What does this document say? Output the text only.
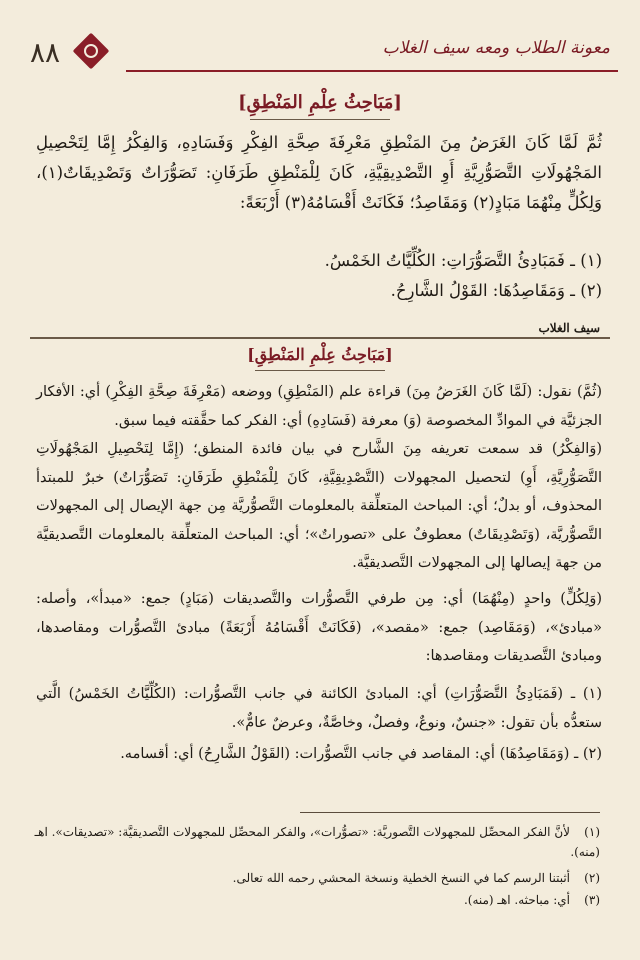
٨٨	معونة الطلاب ومعه سيف الغلاب
[مَبَاحِثُ عِلْمِ المَنْطِقِ]
ثُمَّ لَمَّا كَانَ الغَرَضُ مِنَ المَنْطِقِ مَعْرِفَةَ صِحَّةِ الفِكْرِ وَفَسَادِهِ، وَالفِكْرُ إِمَّا لِتَحْصِيلِ المَجْهُولَاتِ التَّصَوُّرِيَّةِ أَوِ التَّصْدِيقِيَّةِ، كَانَ لِلْمَنْطِقِ طَرَفَانِ: تَصَوُّرَاتٌ وَتَصْدِيقَاتٌ(١)، وَلِكُلٍّ مِنْهُمَا مَبَادٍ(٢) وَمَقَاصِدُ؛ فَكَانَتْ أَقْسَامُهُ(٣) أَرْبَعَةً:
(١) ـ فَمَبَادِئُ التَّصَوُّرَاتِ: الكُلِّيَّاتُ الخَمْسُ.
(٢) ـ وَمَقَاصِدُهَا: القَوْلُ الشَّارِحُ.
سيف الغلاب
[مَبَاحِثُ عِلْمِ المَنْطِقِ]
(ثُمَّ) نقول: (لَمَّا كَانَ الغَرَضُ مِنَ) قراءة علم (المَنْطِقِ) ووضعه (مَعْرِفَةَ صِحَّةِ الفِكْرِ) أي: الأفكار الجزئيَّة في الموادِّ المخصوصة (وَ) معرفة (فَسَادِهِ) أي: الفكر كما حقَّقته فيما سبق.
(وَالفِكْرُ) قد سمعت تعريفه مِنَ الشَّارح في بيان فائدة المنطق؛ (إِمَّا لِتَحْصِيلِ المَجْهُولَاتِ التَّصَوُّرِيَّةِ، أَوِ) لتحصيل المجهولات (التَّصْدِيقِيَّةِ، كَانَ لِلْمَنْطِقِ طَرَفَانِ: تَصَوُّرَاتٌ) خبرٌ للمبتدأ المحذوف، أو بدلٌ؛ أي: المباحث المتعلِّقة بالمعلومات التَّصوُّريَّة مِن جهة الإيصال إلى المجهولات التَّصوُّريَّة، (وَتَصْدِيقَاتٌ) معطوفٌ على «تصوراتٌ»؛ أي: المباحث المتعلِّقة بالمعلومات التَّصديقيَّة من جهة إيصالها إلى المجهولات التَّصديقيَّة.
(وَلِكُلٍّ) واحدٍ (مِنْهُمَا) أي: مِن طرفي التَّصوُّرات والتَّصديقات (مَبَادٍ) جمع: «مبدأ»، وأصله: «مبادئ»، (وَمَقَاصِد) جمع: «مقصد»، (فَكَانَتْ أَقْسَامُهُ أَرْبَعَةً) مبادئ التَّصوُّرات ومقاصدها، ومبادئ التَّصديقات ومقاصدها:
(١) ـ (فَمَبَادِئُ التَّصَوُّرَاتِ) أي: المبادئ الكائنة في جانب التَّصوُّرات: (الكُلِّيَّاتُ الخَمْسُ) الَّتي ستعدُّه بأن تقول: «جنسٌ، ونوعٌ، وفصلٌ، وخاصَّةٌ، وعرضٌ عامٌّ».
(٢) ـ (وَمَقَاصِدُهَا) أي: المقاصد في جانب التَّصوُّرات: (القَوْلُ الشَّارِحُ) أي: أقسامه.
(١)لأنَّ الفكر المحصِّل للمجهولات التَّصوريَّة: «تصوُّرات»، والفكر المحصِّل للمجهولات التَّصديقيَّة: «تصديقات». اهـ (منه).
(٢)أثبتنا الرسم كما في النسخ الخطية ونسخة المحشي رحمه الله تعالى.
(٣)أي: مباحثه. اهـ (منه).
